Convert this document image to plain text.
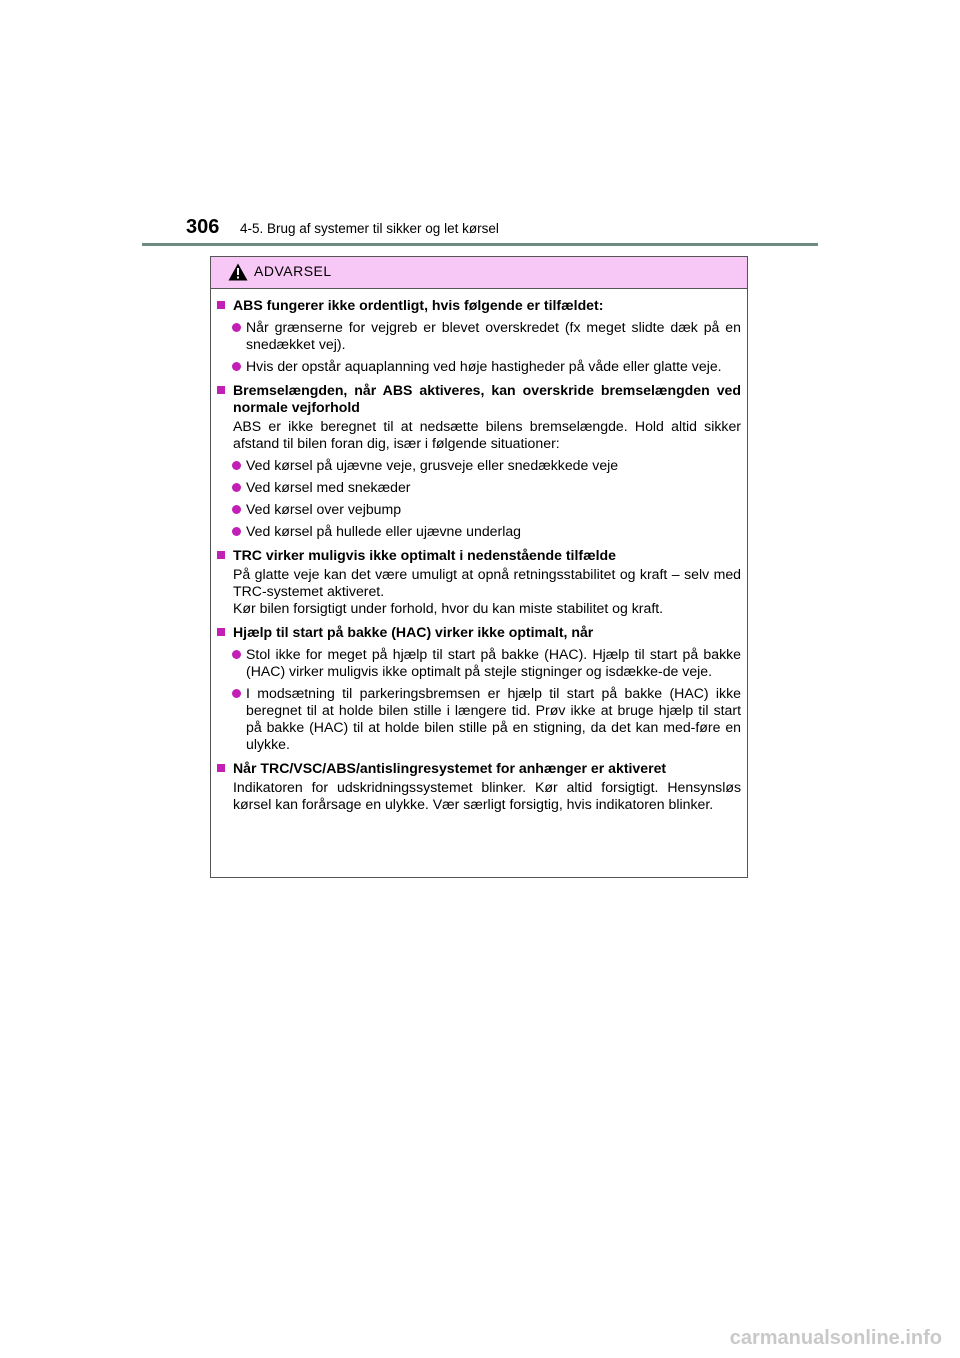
306 4-5. Brug af systemer til sikker og let kørsel
ADVARSEL
ABS fungerer ikke ordentligt, hvis følgende er tilfældet:
Når grænserne for vejgreb er blevet overskredet (fx meget slidte dæk på en snedækket vej).
Hvis der opstår aquaplanning ved høje hastigheder på våde eller glatte veje.
Bremselængden, når ABS aktiveres, kan overskride bremselængden ved normale vejforhold
ABS er ikke beregnet til at nedsætte bilens bremselængde. Hold altid sikker afstand til bilen foran dig, især i følgende situationer:
Ved kørsel på ujævne veje, grusveje eller snedækkede veje
Ved kørsel med snekæder
Ved kørsel over vejbump
Ved kørsel på hullede eller ujævne underlag
TRC virker muligvis ikke optimalt i nedenstående tilfælde
På glatte veje kan det være umuligt at opnå retningsstabilitet og kraft – selv med TRC-systemet aktiveret.
Kør bilen forsigtigt under forhold, hvor du kan miste stabilitet og kraft.
Hjælp til start på bakke (HAC) virker ikke optimalt, når
Stol ikke for meget på hjælp til start på bakke (HAC). Hjælp til start på bakke (HAC) virker muligvis ikke optimalt på stejle stigninger og isdække-de veje.
I modsætning til parkeringsbremsen er hjælp til start på bakke (HAC) ikke beregnet til at holde bilen stille i længere tid. Prøv ikke at bruge hjælp til start på bakke (HAC) til at holde bilen stille på en stigning, da det kan med-føre en ulykke.
Når TRC/VSC/ABS/antislingresystemet for anhænger er aktiveret
Indikatoren for udskridningssystemet blinker. Kør altid forsigtigt. Hensynsløs kørsel kan forårsage en ulykke. Vær særligt forsigtig, hvis indikatoren blinker.
carmanualsonline.info
